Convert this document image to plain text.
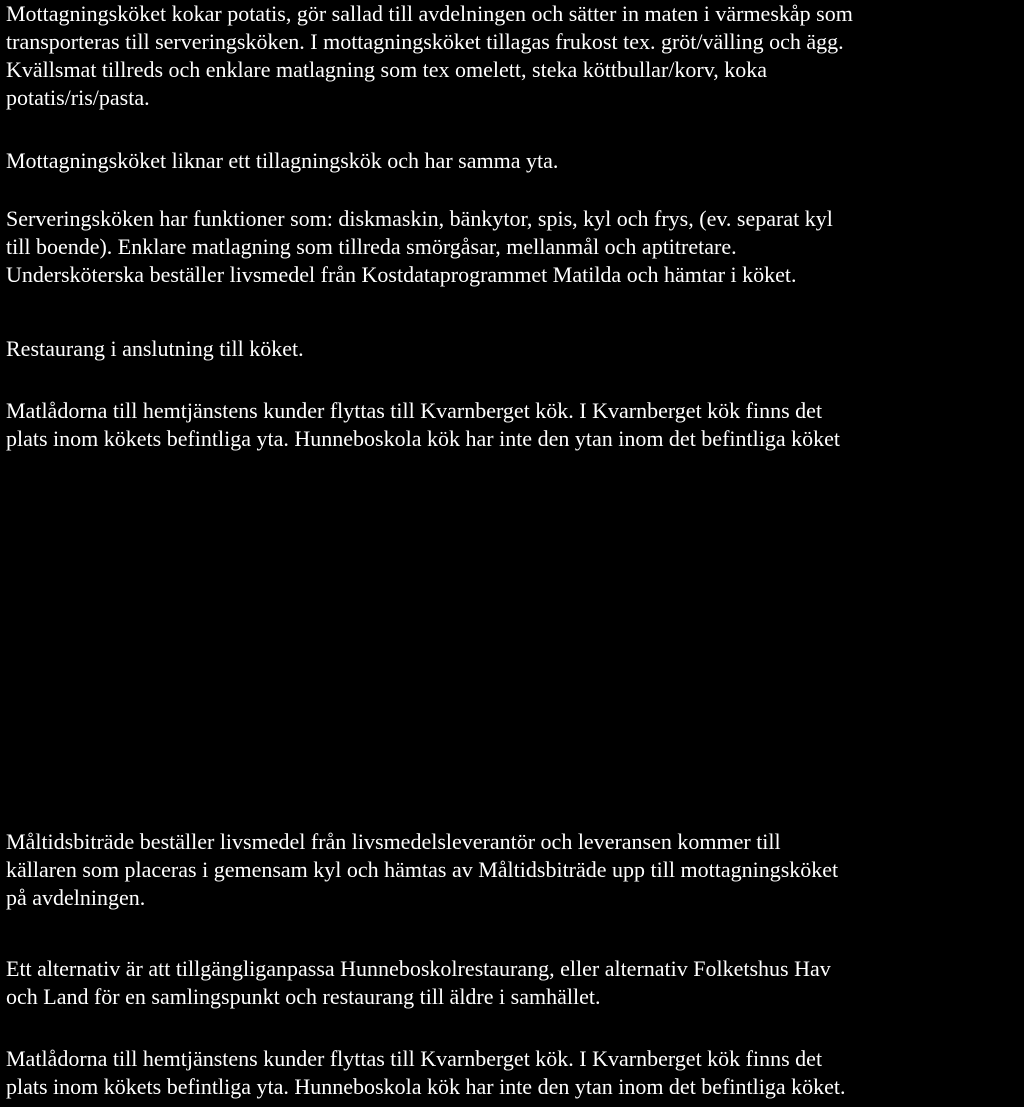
Mottagningsköket kokar potatis, gör sallad till avdelningen och sätter in maten i värmeskåp som
transporteras till serveringsköken. I mottagningsköket tillagas frukost tex. gröt/välling och ägg.
Kvällsmat tillreds och enklare matlagning som tex omelett, steka köttbullar/korv, koka
potatis/ris/pasta.

Mottagningsköket liknar ett tillagningskök och har samma yta.

Serveringsköken har funktioner som: diskmaskin, bänkytor, spis, kyl och frys, (ev. separat kyl
till boende). Enklare matlagning som tillreda smörgåsar, mellanmål och aptitretare.
Undersköterska beställer livsmedel från Kostdataprogrammet Matilda och hämtar i köket.

Restaurang i anslutning till köket.

Matlådorna till hemtjänstens kunder flyttas till Kvarnberget kök. I Kvarnberget kök finns det
plats inom kökets befintliga yta. Hunneboskola kök har inte den ytan inom det befintliga köket

Måltidsbiträde beställer livsmedel från livsmedelsleverantör och leveransen kommer till
källaren som placeras i gemensam kyl och hämtas av Måltidsbiträde upp till mottagningsköket
på avdelningen.

Ett alternativ är att tillgängliganpassa Hunneboskolrestaurang, eller alternativ Folketshus Hav
och Land för en samlingspunkt och restaurang till äldre i samhället.

Matlådorna till hemtjänstens kunder flyttas till Kvarnberget kök. I Kvarnberget kök finns det
plats inom kökets befintliga yta. Hunneboskola kök har inte den ytan inom det befintliga köket.
